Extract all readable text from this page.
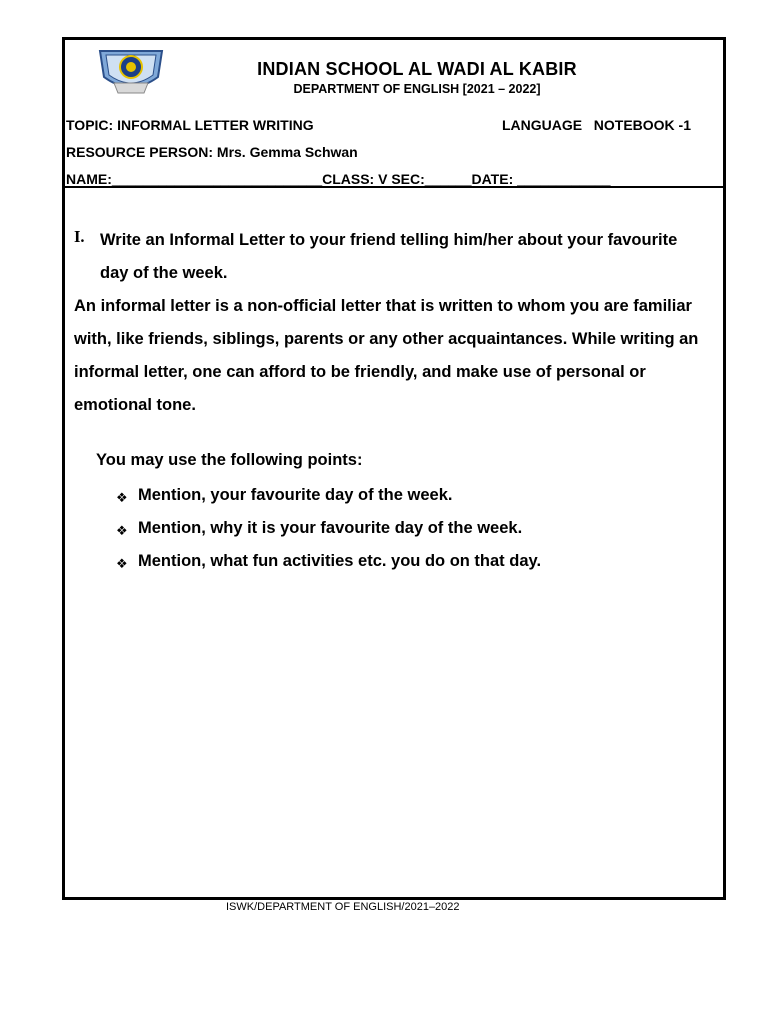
INDIAN SCHOOL AL WADI AL KABIR
DEPARTMENT OF ENGLISH [2021 – 2022]
TOPIC: INFORMAL LETTER WRITING	LANGUAGE   NOTEBOOK -1
RESOURCE PERSON: Mrs. Gemma Schwan
NAME:___________________________CLASS: V SEC:______DATE: ____________
I. Write an Informal Letter to your friend telling him/her about your favourite day of the week.
An informal letter is a non-official letter that is written to whom you are familiar with, like friends, siblings, parents or any other acquaintances. While writing an informal letter, one can afford to be friendly, and make use of personal or emotional tone.
You may use the following points:
❖ Mention, your favourite day of the week.
❖ Mention, why it is your favourite day of the week.
❖ Mention, what fun activities etc. you do on that day.
ISWK/DEPARTMENT OF ENGLISH/2021–2022
